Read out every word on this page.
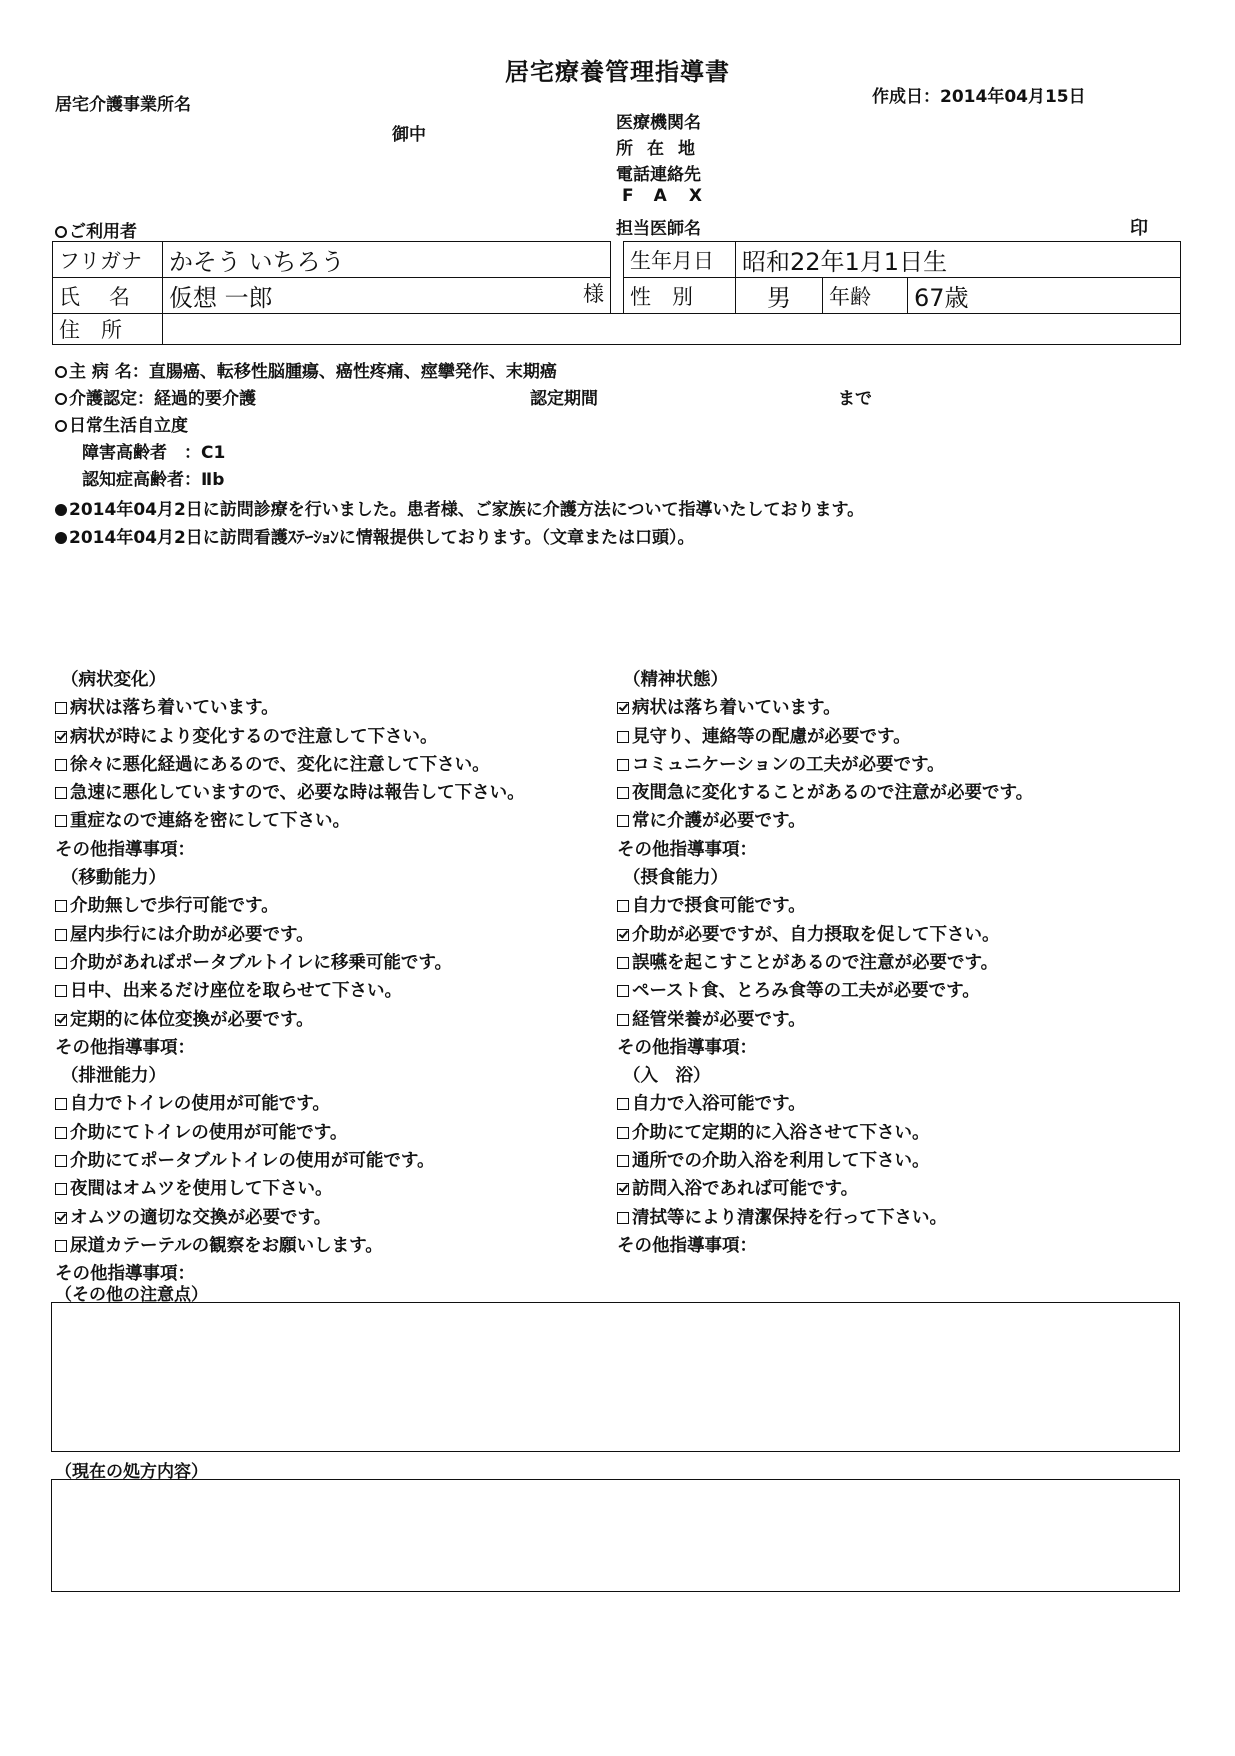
居宅療養管理指導書
作成日：2014年04月15日
居宅介護事業所名
御中
医療機関名
所在地
電話連絡先
FAX
担当医師名	印
ご利用者
フリガナ	かそう いちろう		生年月日	昭和22年1月1日生		
氏　名	仮想 一郎 様		性　別	男	年齢	67歳
住　所						
主 病 名：直腸癌、転移性脳腫瘍、癌性疼痛、痙攣発作、末期癌
介護認定：経過的要介護	認定期間	まで
日常生活自立度
障害高齢者　：C1
認知症高齢者：Ⅱb
2014年04月2日に訪問診療を行いました。患者様、ご家族に介護方法について指導いたしております。
2014年04月2日に訪問看護ｽﾃｰｼｮﾝに情報提供しております。（文章または口頭）。
（病状変化）
病状は落ち着いています。
病状が時により変化するので注意して下さい。
徐々に悪化経過にあるので、変化に注意して下さい。
急速に悪化していますので、必要な時は報告して下さい。
重症なので連絡を密にして下さい。
その他指導事項：
（移動能力）
介助無しで歩行可能です。
屋内歩行には介助が必要です。
介助があればポータブルトイレに移乗可能です。
日中、出来るだけ座位を取らせて下さい。
定期的に体位変換が必要です。
その他指導事項：
（排泄能力）
自力でトイレの使用が可能です。
介助にてトイレの使用が可能です。
介助にてポータブルトイレの使用が可能です。
夜間はオムツを使用して下さい。
オムツの適切な交換が必要です。
尿道カテーテルの観察をお願いします。
その他指導事項：
（精神状態）
病状は落ち着いています。
見守り、連絡等の配慮が必要です。
コミュニケーションの工夫が必要です。
夜間急に変化することがあるので注意が必要です。
常に介護が必要です。
その他指導事項：
（摂食能力）
自力で摂食可能です。
介助が必要ですが、自力摂取を促して下さい。
誤嚥を起こすことがあるので注意が必要です。
ペースト食、とろみ食等の工夫が必要です。
経管栄養が必要です。
その他指導事項：
（入　浴）
自力で入浴可能です。
介助にて定期的に入浴させて下さい。
通所での介助入浴を利用して下さい。
訪問入浴であれば可能です。
清拭等により清潔保持を行って下さい。
その他指導事項：
（その他の注意点）
（現在の処方内容）
